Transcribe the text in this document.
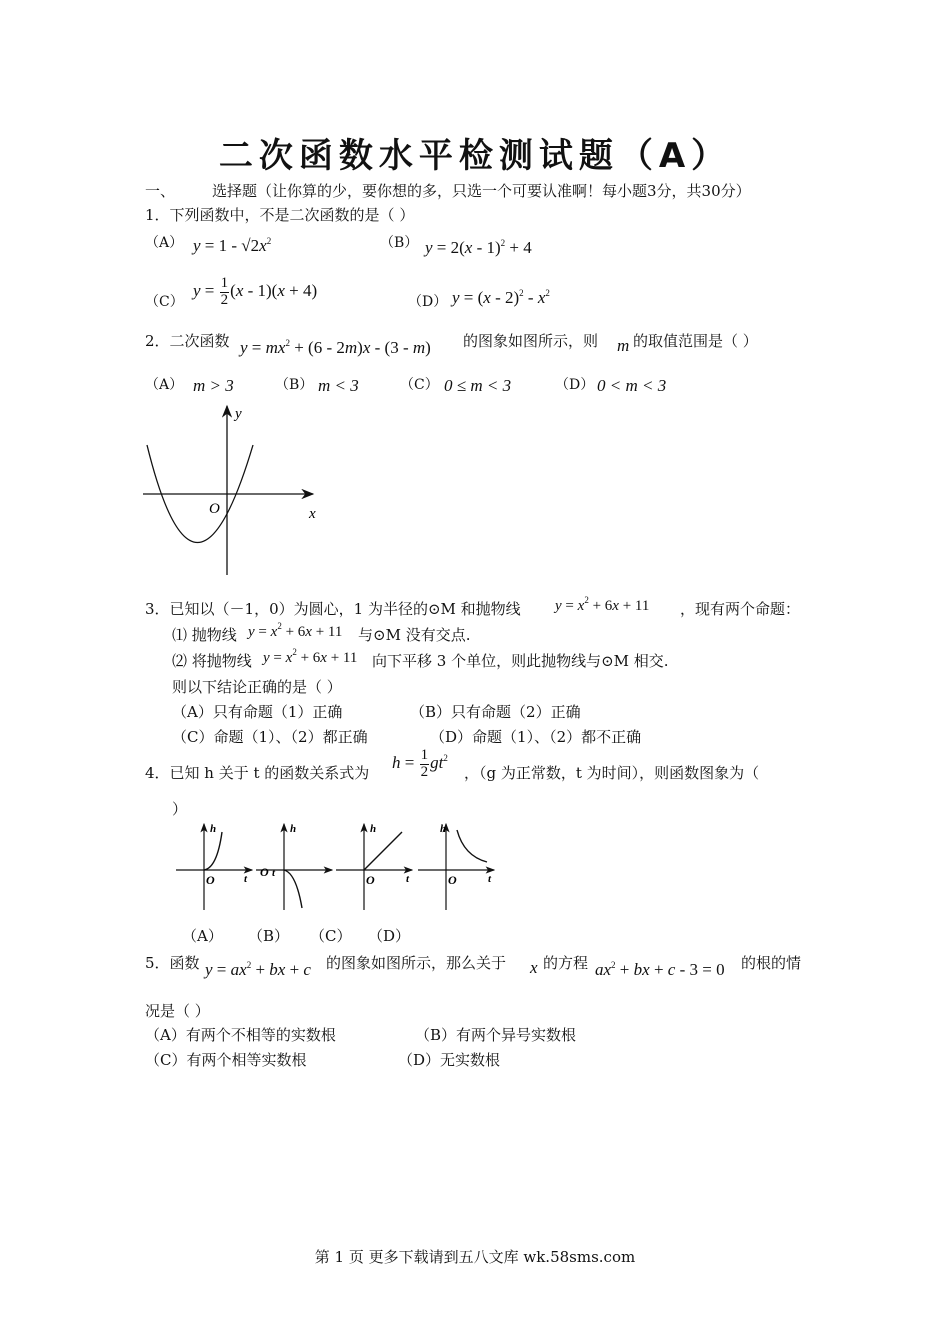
二次函数水平检测试题（A）
一、 选择题（让你算的少，要你想的多，只选一个可要认准啊！每小题3分，共30分）
1．下列函数中，不是二次函数的是（ ）
（A） $y = 1 - √2x^2$	（B） y = 2(x - 1)$^2$ + 4
（C）
$y = \frac{1}{2} (x - 1)(x + 4)$
（D） $y = (x - 2)^2 - x^2$
2．二次函数 $y = mx^2 + (6 - 2m)x - (3 - m)$ 的图象如图所示，则 m 的取值范围是（ ）
（A） m > 3	（B） m < 3	（C） 0 ≤ m < 3	（D） 0 < m < 3
y
x
O
3．已知以（－1，0）为圆心，1 为半径的⊙M 和抛物线 $y = x^2 + 6x + 11$ ，现有两个命题：
⑴ 抛物线 $y = x^2 + 6x + 11$ 与⊙M 没有交点.
⑵ 将抛物线 $y = x^2 + 6x + 11$ 向下平移 3 个单位，则此抛物线与⊙M 相交.
则以下结论正确的是（ ）
（A）只有命题（1）正确	（B）只有命题（2）正确
（C）命题（1）、（2）都正确	（D）命题（1）、（2）都不正确
4．已知 h 关于 t 的函数关系式为
$h = \frac{1}{2} gt^2$
，（g 为正常数，t 为时间），则函数图象为（
）
h
t
O
h
t
O
h
t
O
h
t
O
（A） （B） （C） （D）
5．函数 $y = ax^2$ + bx + c 的图象如图所示，那么关于 x 的方程 $ax^2$ + bx + c - 3 = 0 的根的情
况是（ ）
（A）有两个不相等的实数根	（B）有两个异号实数根
（C）有两个相等实数根	（D）无实数根
第 1 页 更多下载请到五八文库 wk.58sms.com
